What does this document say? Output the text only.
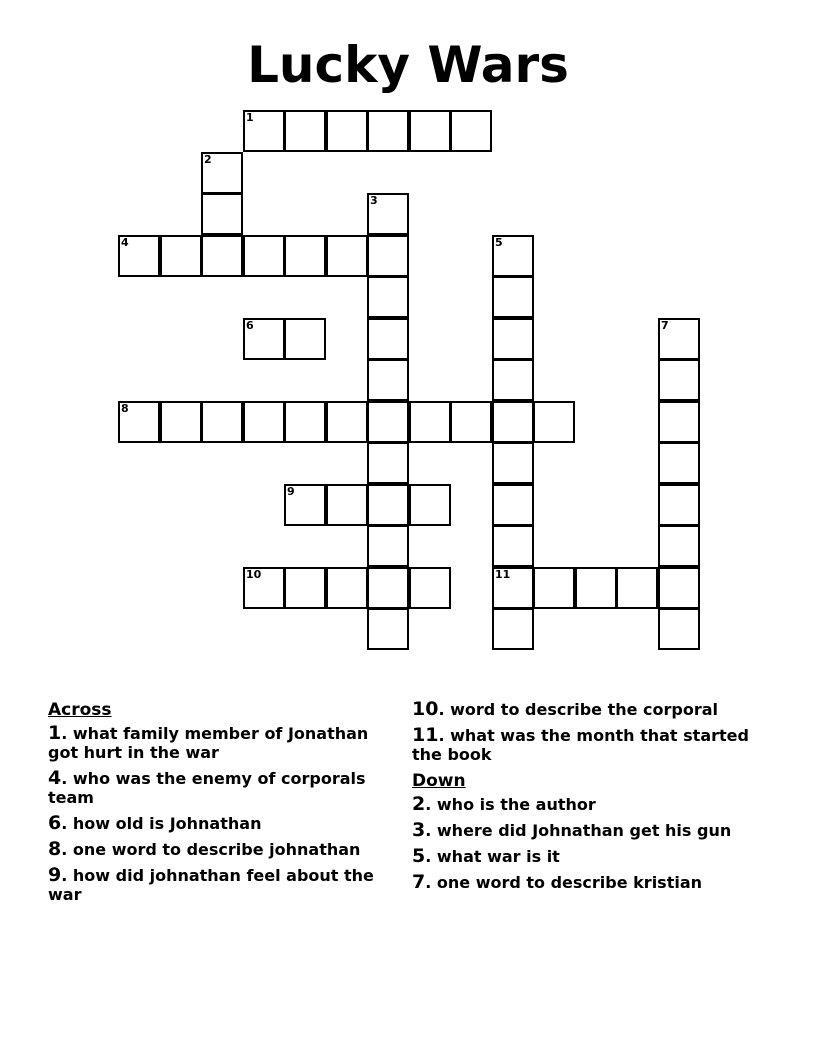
Lucky Wars
1
2
3
4	5
11
6	7
8
9
10
Across
1. what family member of Jonathan got hurt in the war
4. who was the enemy of corporals team
6. how old is Johnathan
8. one word to describe johnathan
9. how did johnathan feel about the war
10. word to describe the corporal
11. what was the month that started the book
Down
2. who is the author
3. where did Johnathan get his gun
5. what war is it
7. one word to describe kristian
